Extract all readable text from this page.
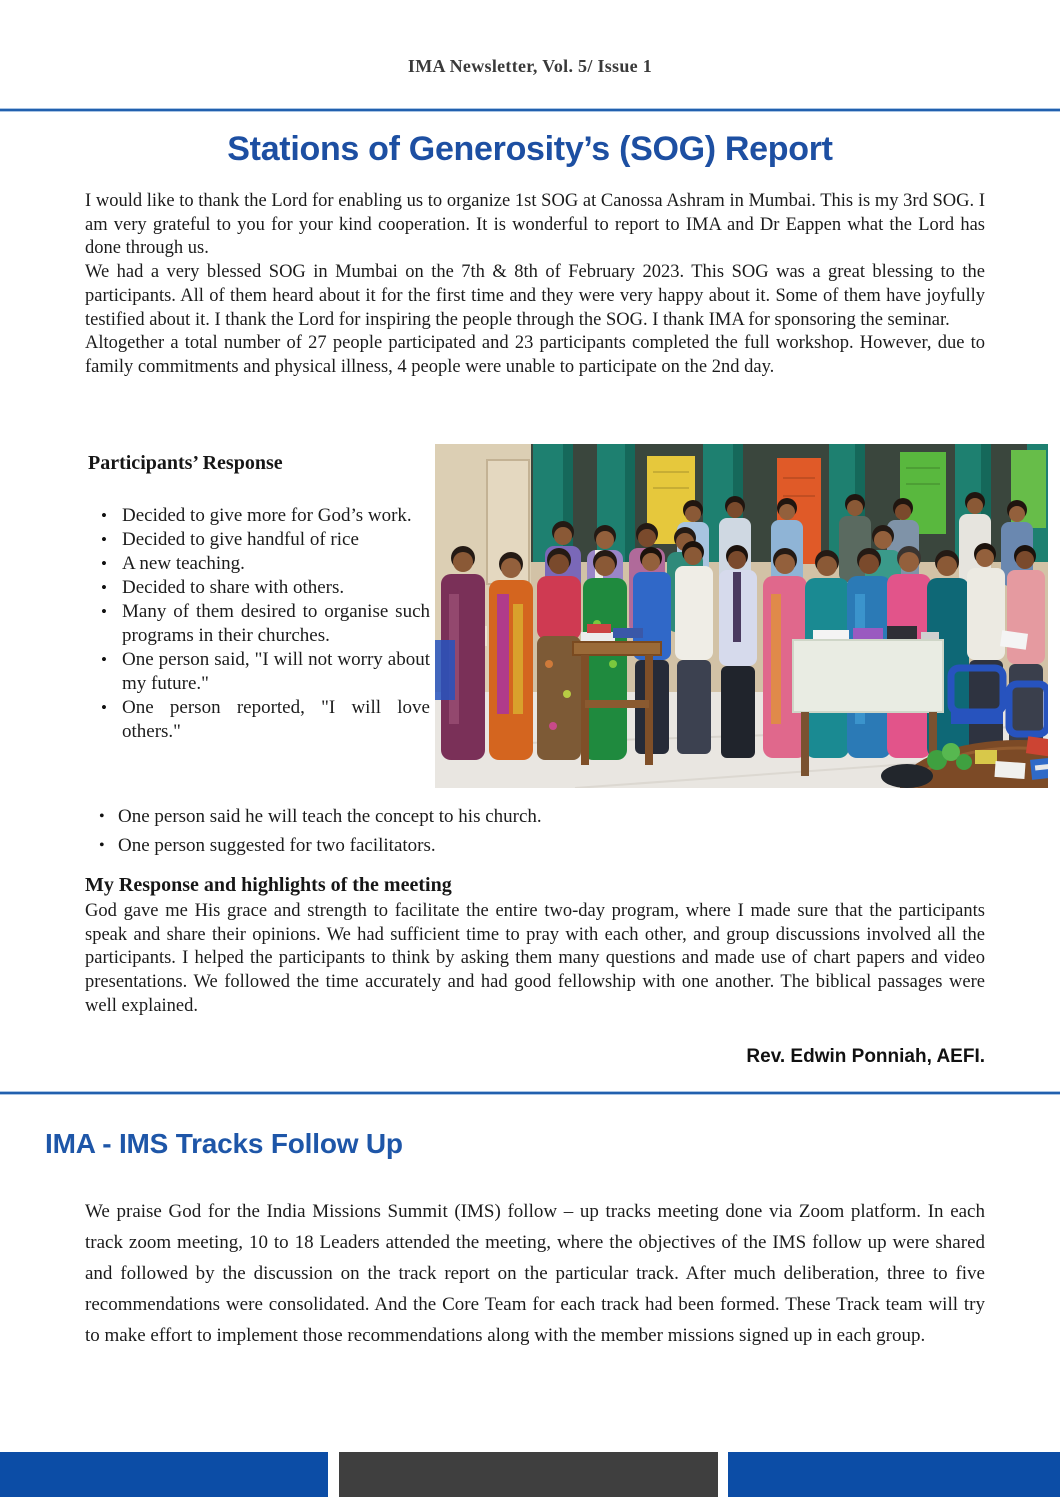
IMA Newsletter, Vol. 5/ Issue 1
Stations of Generosity’s (SOG) Report

I would like to thank the Lord for enabling us to organize 1st SOG at Canossa Ashram in Mumbai. This is my 3rd SOG. I am very grateful to you for your kind cooperation. It is wonderful to report to IMA and Dr Eappen what the Lord has done through us.

We had a very blessed SOG in Mumbai on the 7th & 8th of February 2023. This SOG was a great blessing to the participants. All of them heard about it for the first time and they were very happy about it. Some of them have joyfully testified about it. I thank the Lord for inspiring the people through the SOG. I thank IMA for sponsoring the seminar.

Altogether a total number of 27 people participated and 23 participants completed the full workshop. However, due to family commitments and physical illness, 4 people were unable to participate on the 2nd day.

Participants’ Response
• Decided to give more for God’s work.
• Decided to give handful of rice
• A new teaching.
• Decided to share with others.
• Many of them desired to organise such programs in their churches.
• One person said, "I will not worry about my future."
• One person reported, "I will love others."
• One person said he will teach the concept to his church.
• One person suggested for two facilitators.
My Response and highlights of the meeting

God gave me His grace and strength to facilitate the entire two-day program, where I made sure that the participants speak and share their opinions. We had sufficient time to pray with each other, and group discussions involved all the participants. I helped the participants to think by asking them many questions and made use of chart papers and video presentations. We followed the time accurately and had good fellowship with one another. The biblical passages were well explained.

Rev. Edwin Ponniah, AEFI.
IMA - IMS Tracks Follow Up

We praise God for the India Missions Summit (IMS) follow – up tracks meeting done via Zoom platform. In each track zoom meeting, 10 to 18 Leaders attended the meeting, where the objectives of the IMS follow up were shared and followed by the discussion on the track report on the particular track. After much deliberation, three to five recommendations were consolidated. And the Core Team for each track had been formed. These Track team will try to make effort to implement those recommendations along with the member missions signed up in each group.
